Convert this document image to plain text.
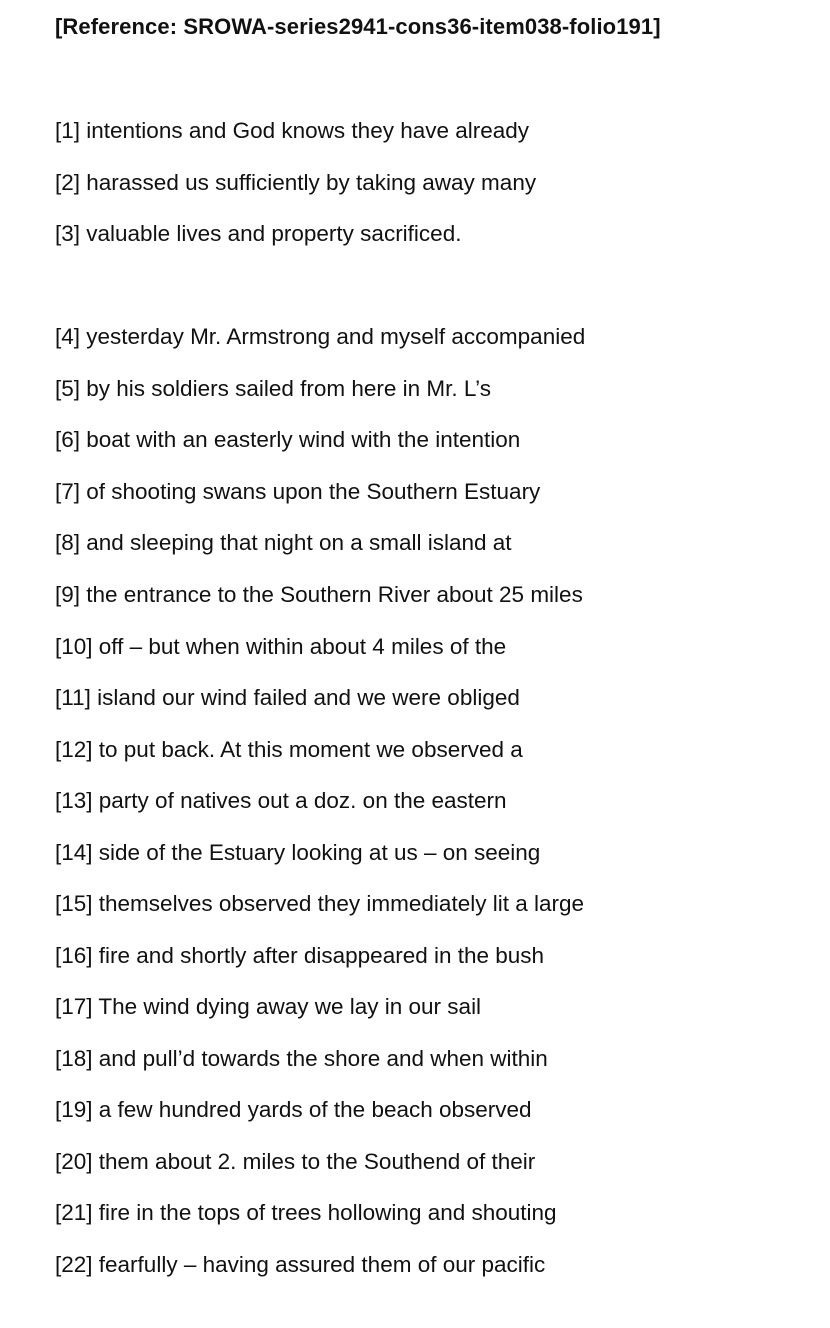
[Reference: SROWA-series2941-cons36-item038-folio191]
[1] intentions and God knows they have already
[2] harassed us sufficiently by taking away many
[3] valuable lives and property sacrificed.
[4] yesterday Mr. Armstrong and myself accompanied
[5] by his soldiers sailed from here in Mr. L’s
[6] boat with an easterly wind with the intention
[7] of shooting swans upon the Southern Estuary
[8] and sleeping that night on a small island at
[9] the entrance to the Southern River about 25 miles
[10] off – but when within about 4 miles of the
[11] island our wind failed and we were obliged
[12] to put back. At this moment we observed a
[13] party of natives out a doz. on the eastern
[14] side of the Estuary looking at us – on seeing
[15] themselves observed they immediately lit a large
[16] fire and shortly after disappeared in the bush
[17] The wind dying away we lay in our sail
[18] and pull’d towards the shore and when within
[19] a few hundred yards of the beach observed
[20] them about 2. miles to the Southend of their
[21] fire in the tops of trees hollowing and shouting
[22] fearfully – having assured them of our pacific
